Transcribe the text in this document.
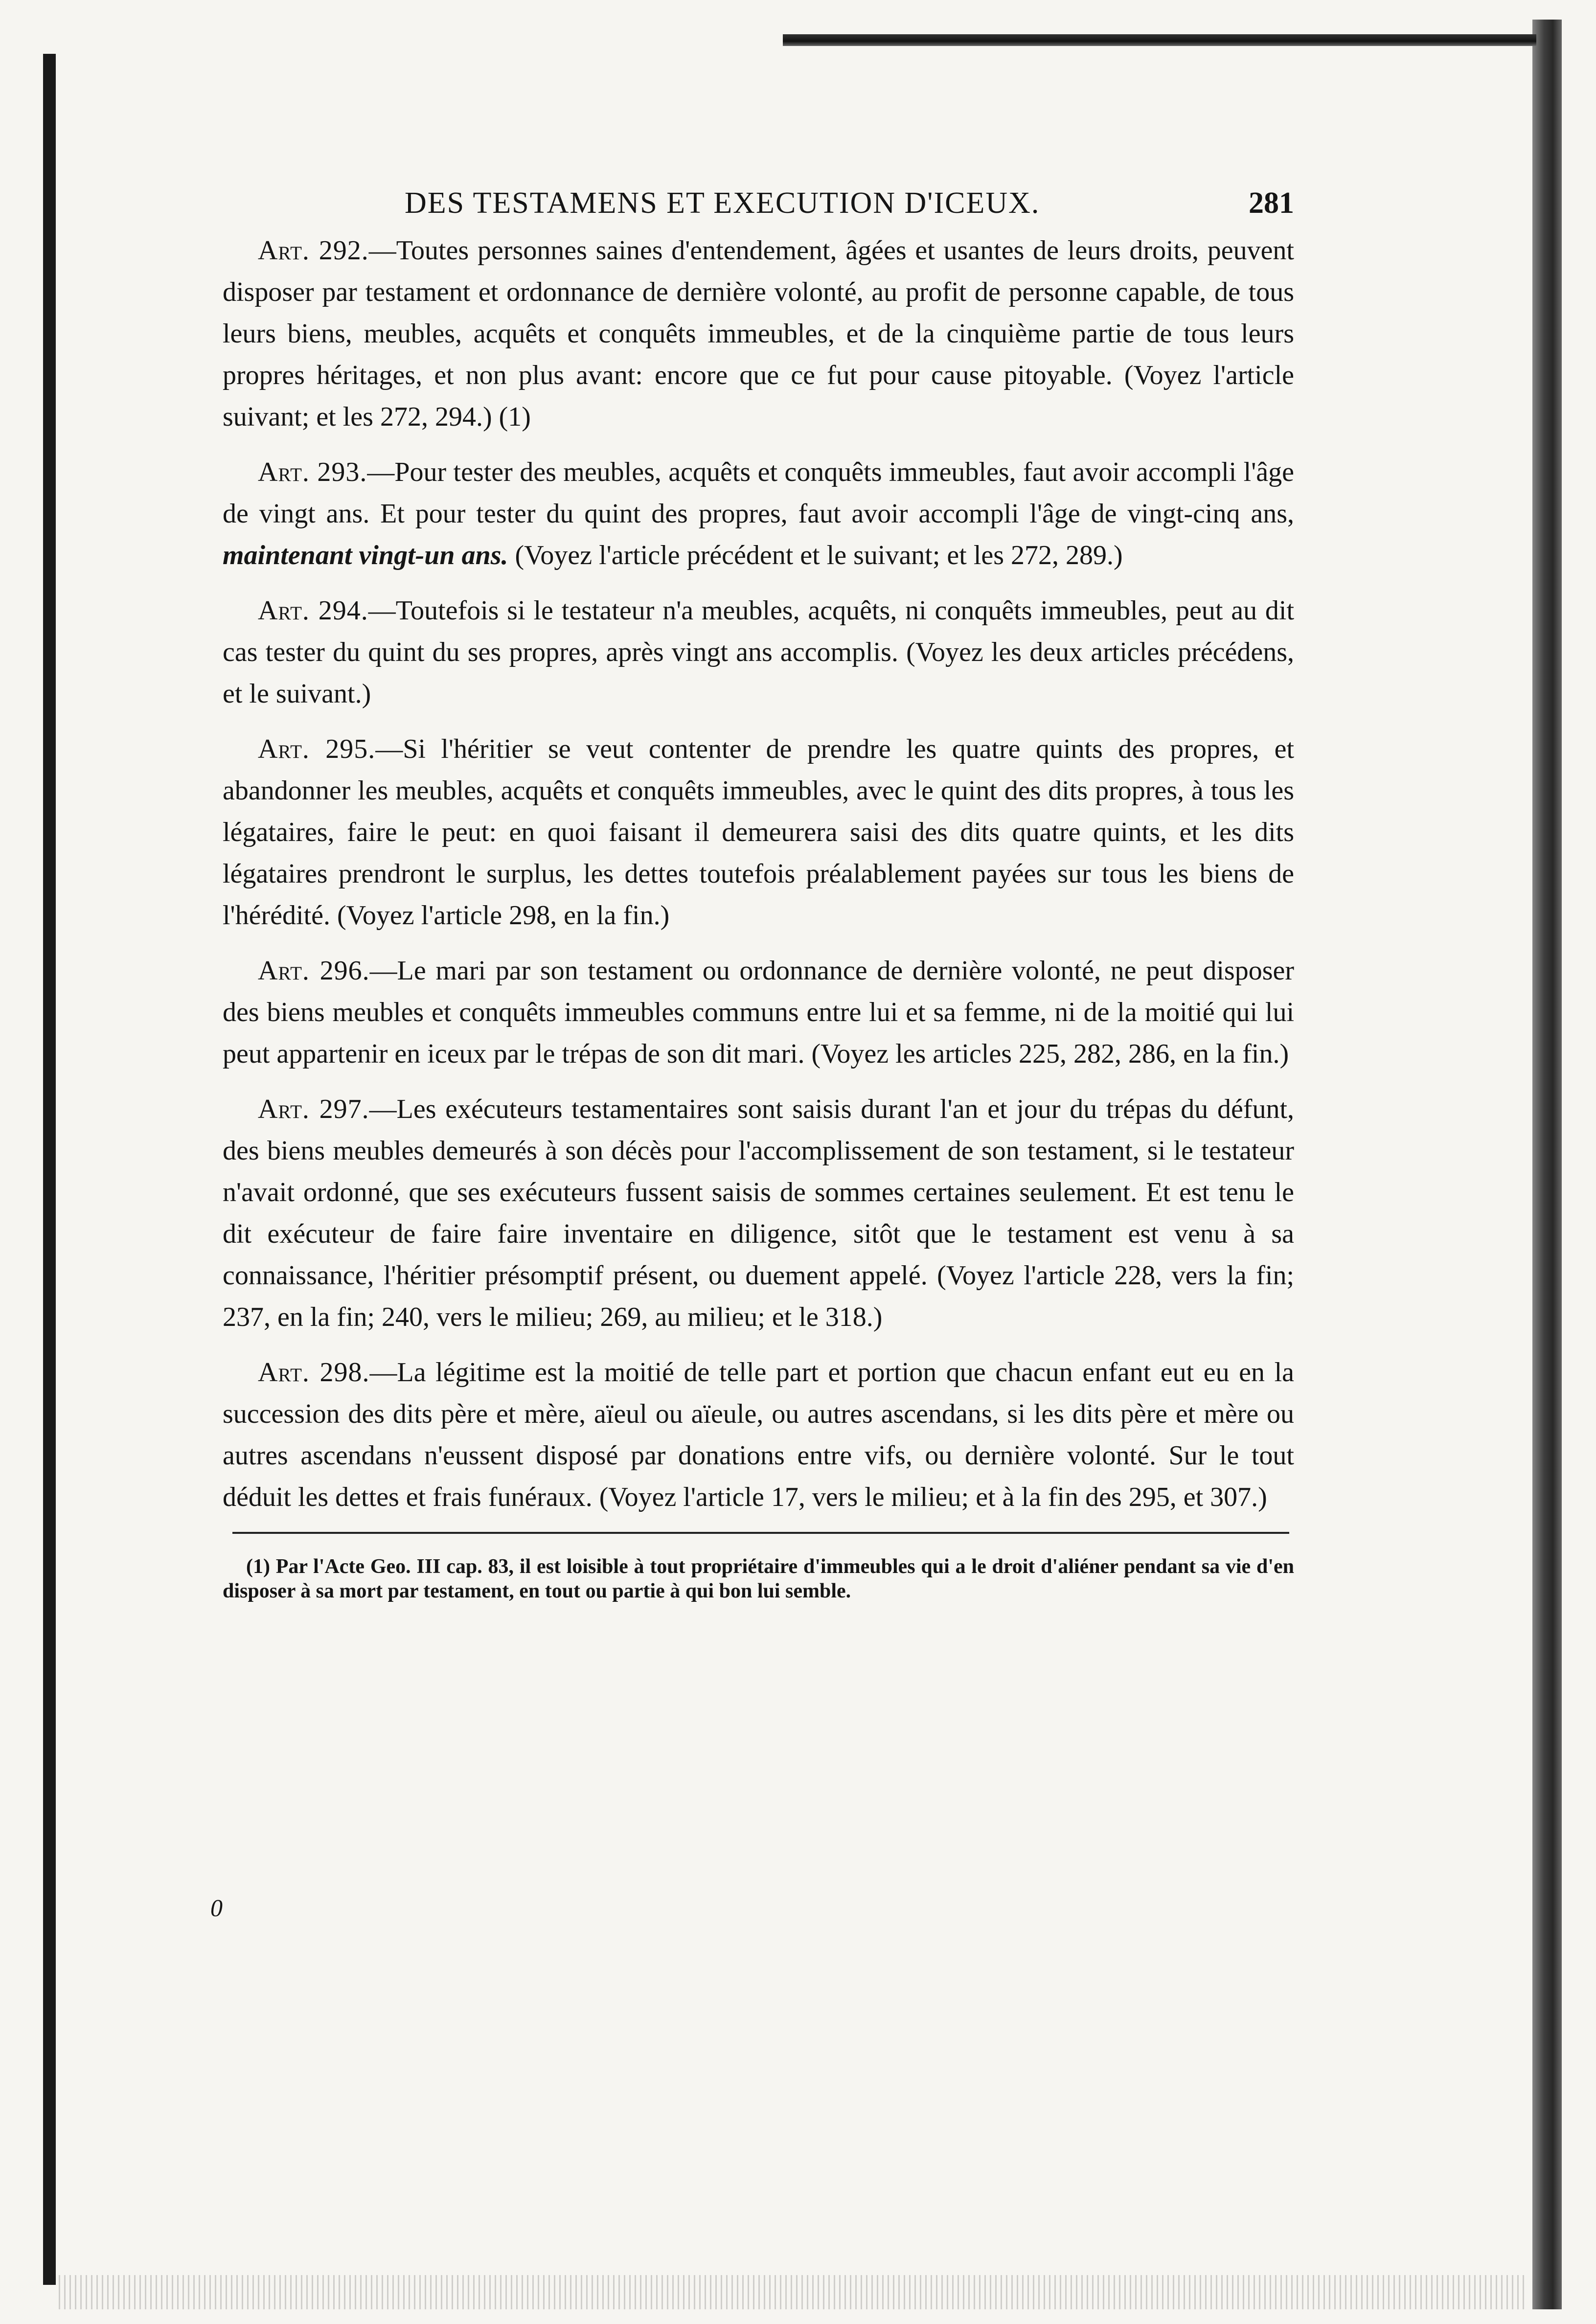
DES TESTAMENS ET EXECUTION D'ICEUX.	281

Art. 292.—Toutes personnes saines d'entendement, âgées et usantes de leurs droits, peuvent disposer par testament et ordonnance de dernière volonté, au profit de personne capable, de tous leurs biens, meubles, acquêts et conquêts immeubles, et de la cinquième partie de tous leurs propres héritages, et non plus avant: encore que ce fut pour cause pitoyable. (Voyez l'article suivant; et les 272, 294.) (1)

Art. 293.—Pour tester des meubles, acquêts et conquêts immeubles, faut avoir accompli l'âge de vingt ans. Et pour tester du quint des propres, faut avoir accompli l'âge de vingt-cinq ans, maintenant vingt-un ans. (Voyez l'article précédent et le suivant; et les 272, 289.)

Art. 294.—Toutefois si le testateur n'a meubles, acquêts, ni conquêts immeubles, peut au dit cas tester du quint du ses propres, après vingt ans accomplis. (Voyez les deux articles précédens, et le suivant.)

Art. 295.—Si l'héritier se veut contenter de prendre les quatre quints des propres, et abandonner les meubles, acquêts et conquêts immeubles, avec le quint des dits propres, à tous les légataires, faire le peut: en quoi faisant il demeurera saisi des dits quatre quints, et les dits légataires prendront le surplus, les dettes toutefois préalablement payées sur tous les biens de l'hérédité. (Voyez l'article 298, en la fin.)

Art. 296.—Le mari par son testament ou ordonnance de dernière volonté, ne peut disposer des biens meubles et conquêts immeubles communs entre lui et sa femme, ni de la moitié qui lui peut appartenir en iceux par le trépas de son dit mari. (Voyez les articles 225, 282, 286, en la fin.)

Art. 297.—Les exécuteurs testamentaires sont saisis durant l'an et jour du trépas du défunt, des biens meubles demeurés à son décès pour l'accomplissement de son testament, si le testateur n'avait ordonné, que ses exécuteurs fussent saisis de sommes certaines seulement. Et est tenu le dit exécuteur de faire faire inventaire en diligence, sitôt que le testament est venu à sa connaissance, l'héritier présomptif présent, ou duement appelé. (Voyez l'article 228, vers la fin; 237, en la fin; 240, vers le milieu; 269, au milieu; et le 318.)

Art. 298.—La légitime est la moitié de telle part et portion que chacun enfant eut eu en la succession des dits père et mère, aïeul ou aïeule, ou autres ascendans, si les dits père et mère ou autres ascendans n'eussent disposé par donations entre vifs, ou dernière volonté. Sur le tout déduit les dettes et frais funéraux. (Voyez l'article 17, vers le milieu; et à la fin des 295, et 307.)

(1) Par l'Acte Geo. III cap. 83, il est loisible à tout propriétaire d'immeubles qui a le droit d'aliéner pendant sa vie d'en disposer à sa mort par testament, en tout ou partie à qui bon lui semble.

0
